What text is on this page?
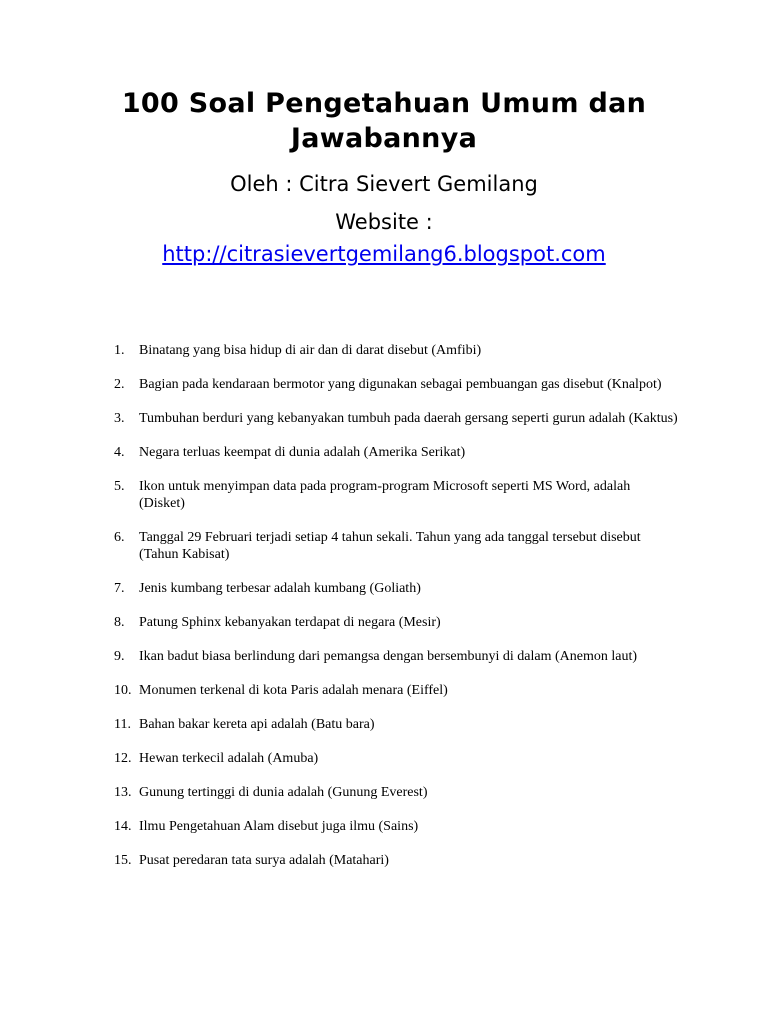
100 Soal Pengetahuan Umum dan Jawabannya
Oleh : Citra Sievert Gemilang
Website :
http://citrasievertgemilang6.blogspot.com
1. Binatang yang bisa hidup di air dan di darat disebut (Amfibi)
2. Bagian pada kendaraan bermotor yang digunakan sebagai pembuangan gas disebut (Knalpot)
3. Tumbuhan berduri yang kebanyakan tumbuh pada daerah gersang seperti gurun adalah (Kaktus)
4. Negara terluas keempat di dunia adalah (Amerika Serikat)
5. Ikon untuk menyimpan data pada program-program Microsoft seperti MS Word, adalah (Disket)
6. Tanggal 29 Februari terjadi setiap 4 tahun sekali. Tahun yang ada tanggal tersebut disebut (Tahun Kabisat)
7. Jenis kumbang terbesar adalah kumbang (Goliath)
8. Patung Sphinx kebanyakan terdapat di negara (Mesir)
9. Ikan badut biasa berlindung dari pemangsa dengan bersembunyi di dalam (Anemon laut)
10. Monumen terkenal di kota Paris adalah menara (Eiffel)
11. Bahan bakar kereta api adalah (Batu bara)
12. Hewan terkecil adalah (Amuba)
13. Gunung tertinggi di dunia adalah (Gunung Everest)
14. Ilmu Pengetahuan Alam disebut juga ilmu (Sains)
15. Pusat peredaran tata surya adalah (Matahari)
